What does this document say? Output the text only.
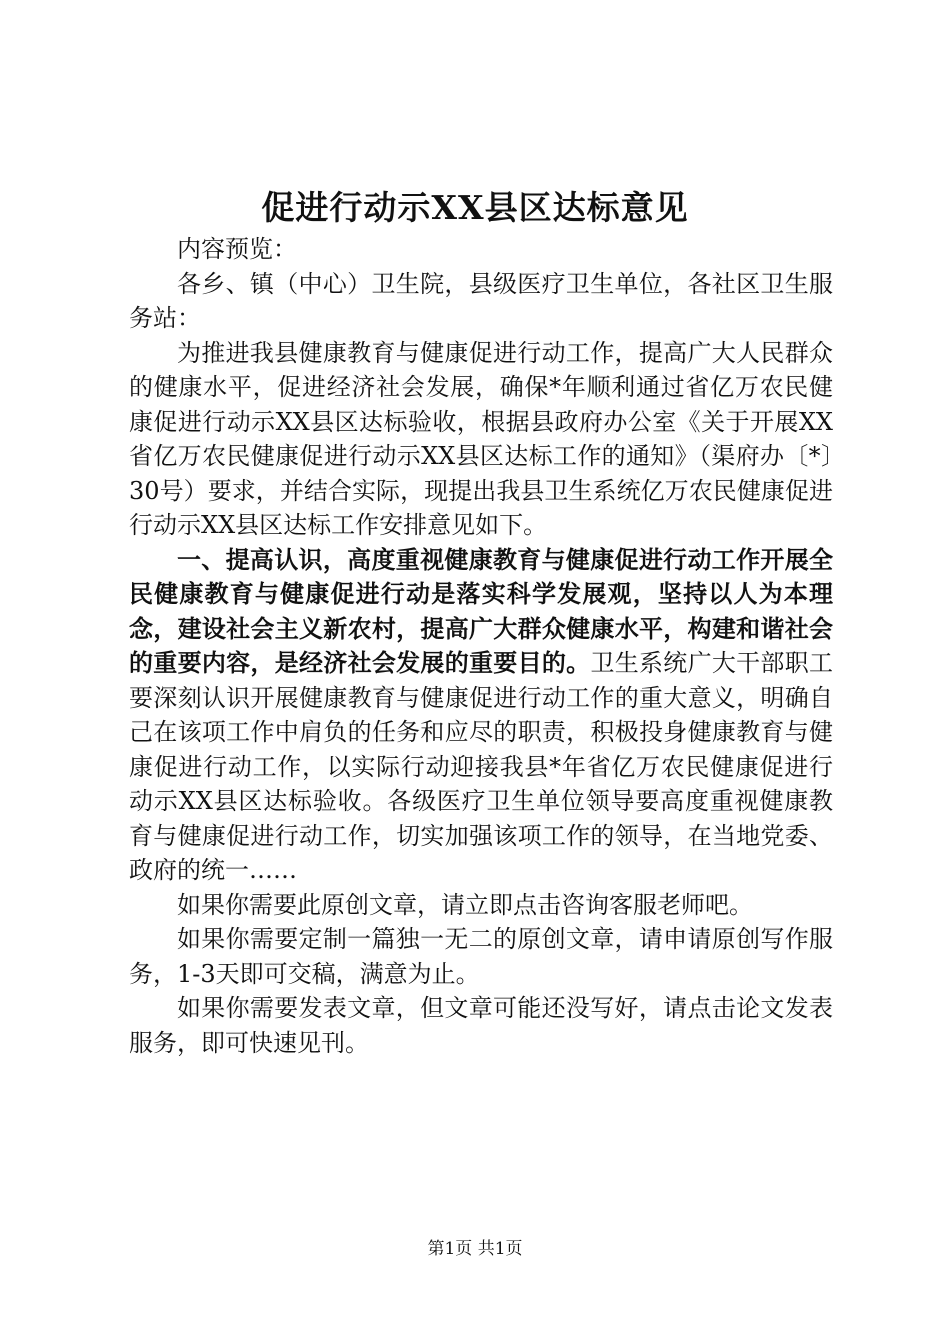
促进行动示XX县区达标意见

内容预览：

各乡、镇（中心）卫生院，县级医疗卫生单位，各社区卫生服务站：

为推进我县健康教育与健康促进行动工作，提高广大人民群众的健康水平，促进经济社会发展，确保*年顺利通过省亿万农民健康促进行动示XX县区达标验收，根据县政府办公室《关于开展XX省亿万农民健康促进行动示XX县区达标工作的通知》（渠府办〔*〕30号）要求，并结合实际，现提出我县卫生系统亿万农民健康促进行动示XX县区达标工作安排意见如下。

一、提高认识，高度重视健康教育与健康促进行动工作开展全民健康教育与健康促进行动是落实科学发展观，坚持以人为本理念，建设社会主义新农村，提高广大群众健康水平，构建和谐社会的重要内容，是经济社会发展的重要目的。卫生系统广大干部职工要深刻认识开展健康教育与健康促进行动工作的重大意义，明确自己在该项工作中肩负的任务和应尽的职责，积极投身健康教育与健康促进行动工作，以实际行动迎接我县*年省亿万农民健康促进行动示XX县区达标验收。各级医疗卫生单位领导要高度重视健康教育与健康促进行动工作，切实加强该项工作的领导，在当地党委、政府的统一……

如果你需要此原创文章，请立即点击咨询客服老师吧。

如果你需要定制一篇独一无二的原创文章，请申请原创写作服务，1-3天即可交稿，满意为止。

如果你需要发表文章，但文章可能还没写好，请点击论文发表服务，即可快速见刊。

第1页 共1页
